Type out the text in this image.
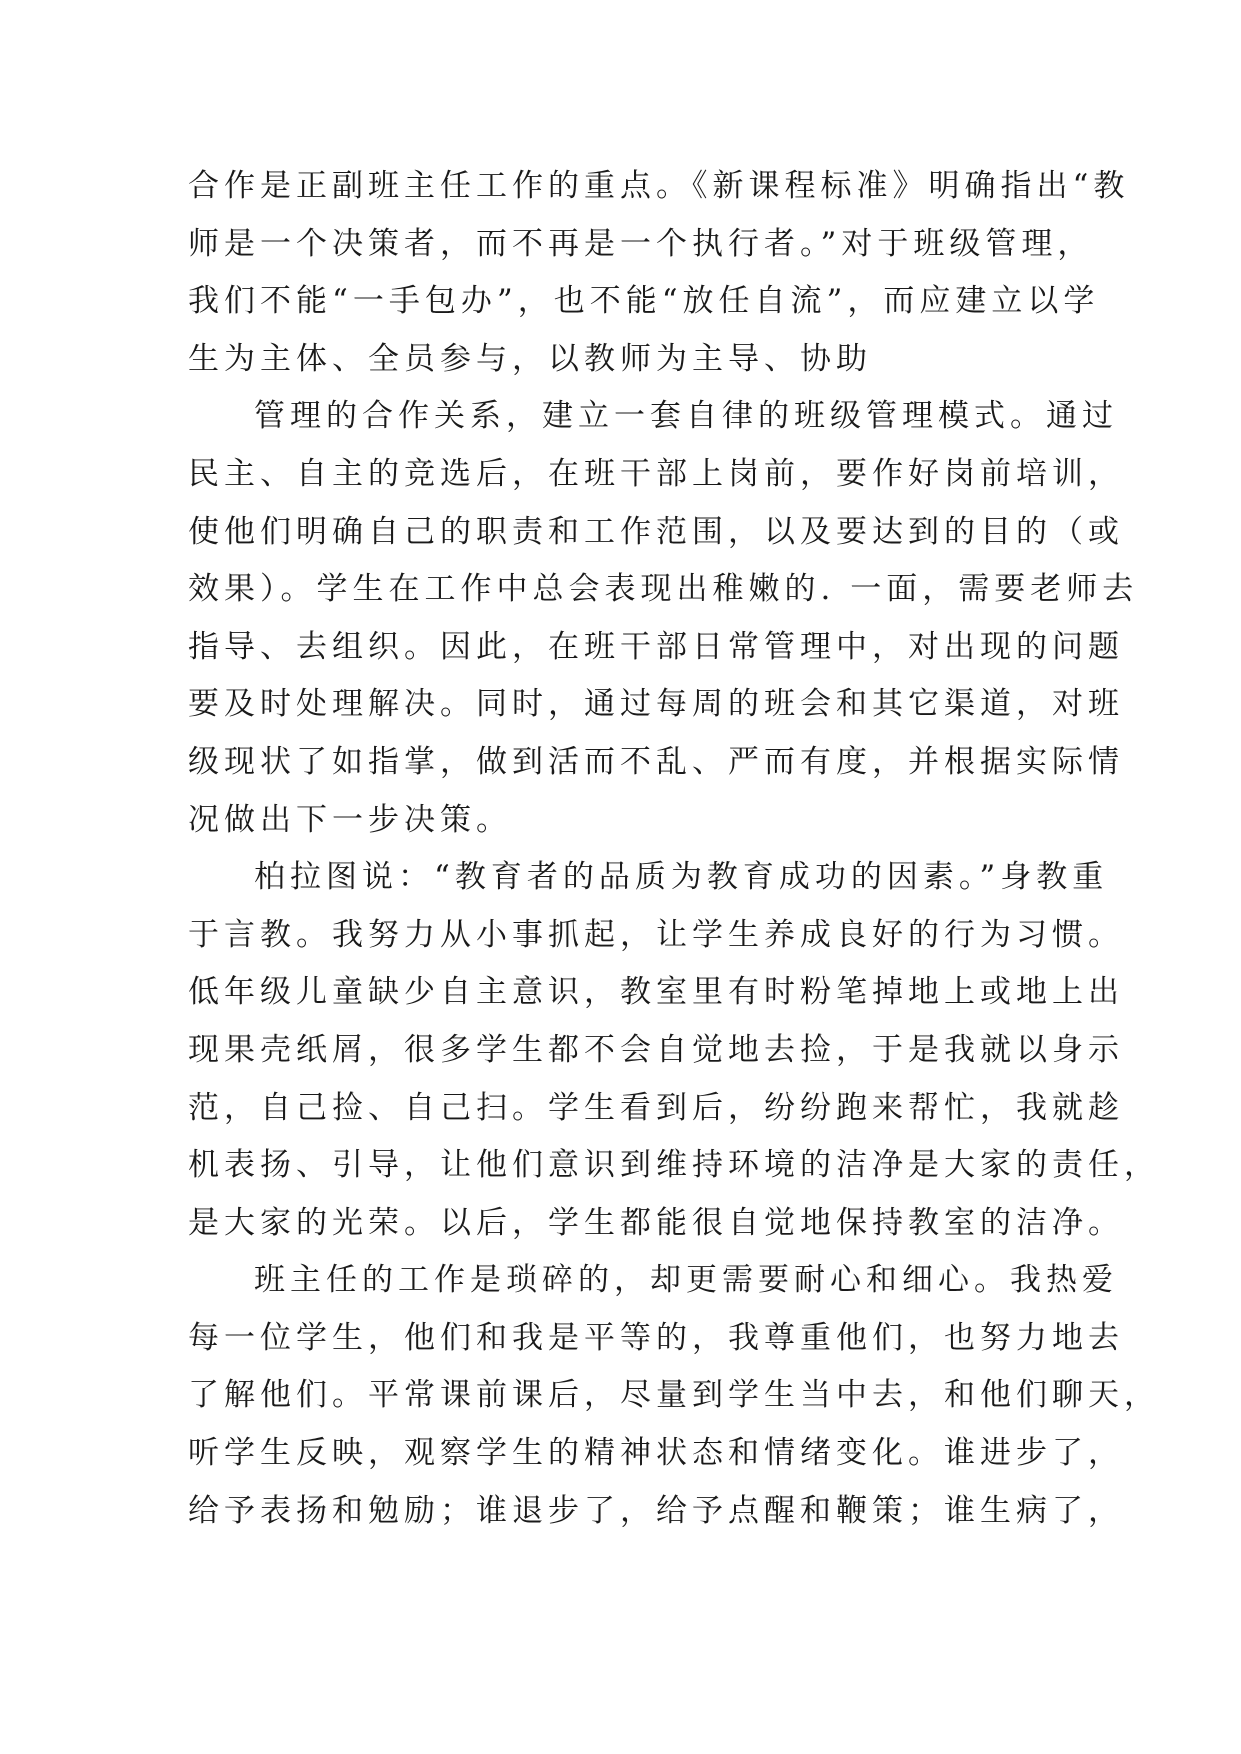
合作是正副班主任工作的重点。《新课程标准》明确指出“教
师是一个决策者，而不再是一个执行者。”对于班级管理，
我们不能“一手包办”，也不能“放任自流”，而应建立以学
生为主体、全员参与，以教师为主导、协助
管理的合作关系，建立一套自律的班级管理模式。通过
民主、自主的竞选后，在班干部上岗前，要作好岗前培训，
使他们明确自己的职责和工作范围，以及要达到的目的（或
效果）。学生在工作中总会表现出稚嫩的. 一面，需要老师去
指导、去组织。因此，在班干部日常管理中，对出现的问题
要及时处理解决。同时，通过每周的班会和其它渠道，对班
级现状了如指掌，做到活而不乱、严而有度，并根据实际情
况做出下一步决策。
柏拉图说：“教育者的品质为教育成功的因素。”身教重
于言教。我努力从小事抓起，让学生养成良好的行为习惯。
低年级儿童缺少自主意识，教室里有时粉笔掉地上或地上出
现果壳纸屑，很多学生都不会自觉地去捡，于是我就以身示
范，自己捡、自己扫。学生看到后，纷纷跑来帮忙，我就趁
机表扬、引导，让他们意识到维持环境的洁净是大家的责任，
是大家的光荣。以后，学生都能很自觉地保持教室的洁净。
班主任的工作是琐碎的，却更需要耐心和细心。我热爱
每一位学生，他们和我是平等的，我尊重他们，也努力地去
了解他们。平常课前课后，尽量到学生当中去，和他们聊天，
听学生反映，观察学生的精神状态和情绪变化。谁进步了，
给予表扬和勉励；谁退步了，给予点醒和鞭策；谁生病了，
